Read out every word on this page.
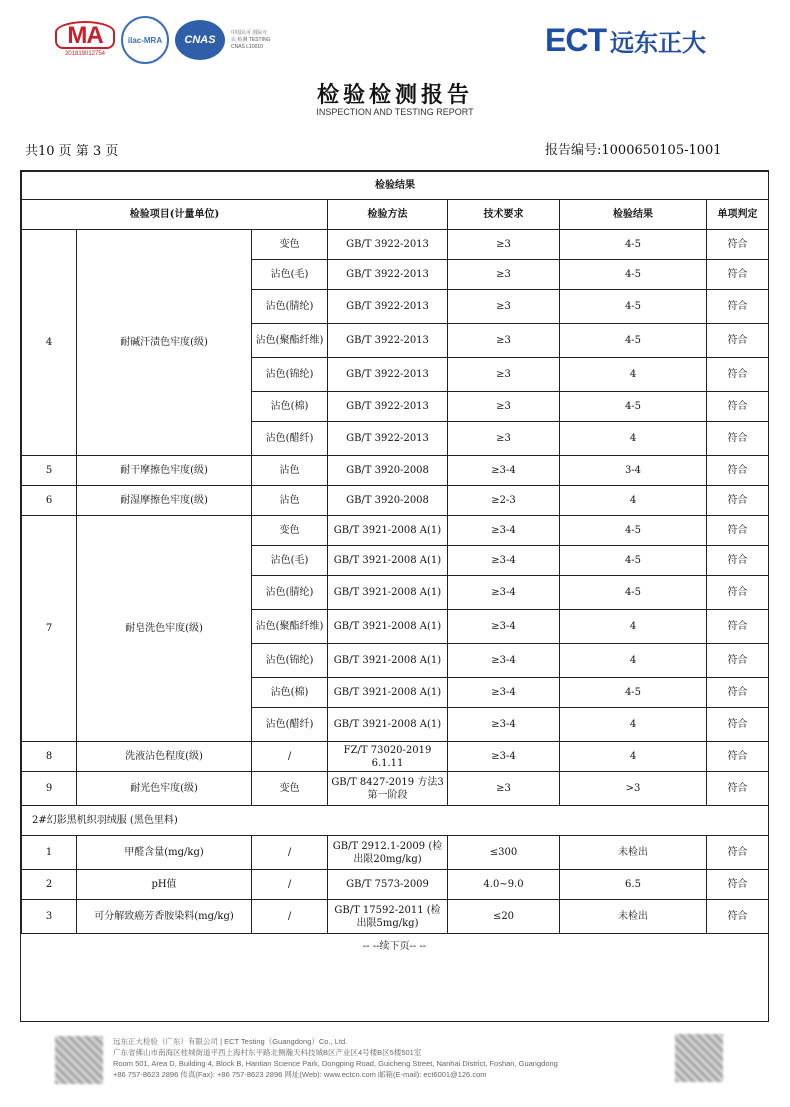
MA
201819012754
ilac-MRA	CNAS
中国认可 国际互认 检测 TESTING CNAS L10010	ECT 远东正大
检验检测报告
INSPECTION AND TESTING REPORT
共10 页 第 3 页	报告编号:1000650105-1001
检验结果						
检验项目(计量单位)			检验方法	技术要求	检验结果	单项判定
4	耐碱汗渍色牢度(级)	变色	GB/T 3922-2013	≥3	4-5	符合
		沾色(毛)	GB/T 3922-2013	≥3	4-5	符合
		沾色(腈纶)	GB/T 3922-2013	≥3	4-5	符合
		沾色(聚酯纤维)	GB/T 3922-2013	≥3	4-5	符合
		沾色(锦纶)	GB/T 3922-2013	≥3	4	符合
		沾色(棉)	GB/T 3922-2013	≥3	4-5	符合
		沾色(醋纤)	GB/T 3922-2013	≥3	4	符合
5	耐干摩擦色牢度(级)	沾色	GB/T 3920-2008	≥3-4	3-4	符合
6	耐湿摩擦色牢度(级)	沾色	GB/T 3920-2008	≥2-3	4	符合
7	耐皂洗色牢度(级)	变色	GB/T 3921-2008 A(1)	≥3-4	4-5	符合
		沾色(毛)	GB/T 3921-2008 A(1)	≥3-4	4-5	符合
		沾色(腈纶)	GB/T 3921-2008 A(1)	≥3-4	4-5	符合
		沾色(聚酯纤维)	GB/T 3921-2008 A(1)	≥3-4	4	符合
		沾色(锦纶)	GB/T 3921-2008 A(1)	≥3-4	4	符合
		沾色(棉)	GB/T 3921-2008 A(1)	≥3-4	4-5	符合
		沾色(醋纤)	GB/T 3921-2008 A(1)	≥3-4	4	符合
8	洗液沾色程度(级)	/	FZ/T 73020-2019 6.1.11	≥3-4	4	符合
9	耐光色牢度(级)	变色	GB/T 8427-2019 方法3 第一阶段	≥3	>3	符合
2#幻影黑机织羽绒服 (黑色里料)						
1	甲醛含量(mg/kg)	/	GB/T 2912.1-2009 (检出限20mg/kg)	≤300	未检出	符合
2	pH值	/	GB/T 7573-2009	4.0~9.0	6.5	符合
3	可分解致癌芳香胺染料(mg/kg)	/	GB/T 17592-2011 (检出限5mg/kg)	≤20	未检出	符合
-- --续下页-- --
远东正大检验（广东）有限公司 | ECT Testing（Guangdong）Co., Ltd.
广东省佛山市南海区桂城街道平西上海村东平路北侧瀚天科技城B区产业区4号楼B区5楼501室
Room 501, Area D, Building 4, Block B, Hantian Science Park, Dongping Road, Guicheng Street, Nanhai District, Foshan, Guangdong
+86 757-8623 2896 传真(Fax): +86 757-8623 2896 网址(Web): www.ectcn.com 邮箱(E-mail): ect6001@126.com
